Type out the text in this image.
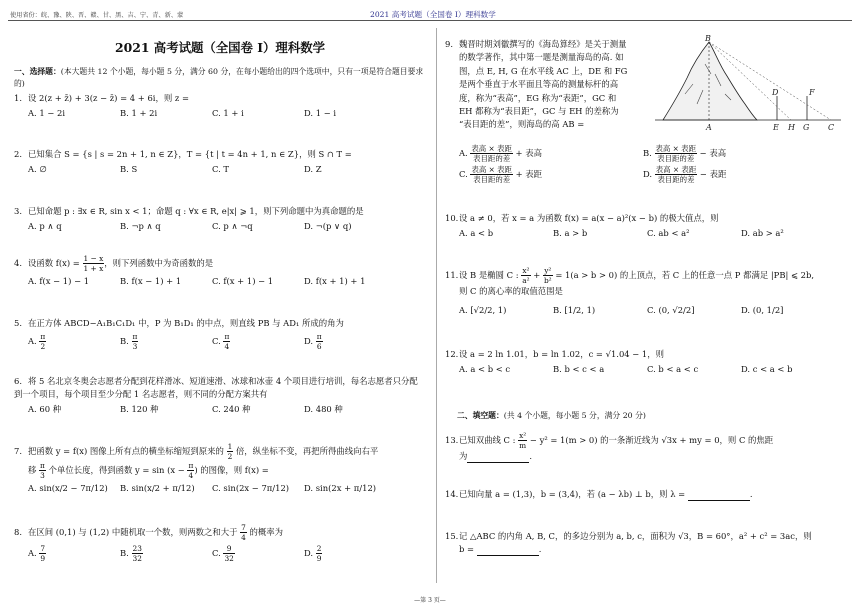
使用省份：皖、豫、陕、晋、赣、甘、黑、吉、宁、青、新、蒙	2021 高考试题（全国卷 I）理科数学
2021 高考试题（全国卷 I）理科数学
一、选择题：(本大题共 12 个小题，每小题 5 分，满分 60 分，在每小题给出的四个选项中，只有一项是符合题目要求的)
1. 设 2(z + z̄) + 3(z − z̄) = 4 + 6i，则 z =
A. 1 − 2i	B. 1 + 2i	C. 1 + i	D. 1 − i
2. 已知集合 S = {s | s = 2n + 1, n ∈ Z}，T = {t | t = 4n + 1, n ∈ Z}，则 S ∩ T =
A. ∅	B. S	C. T	D. Z
3. 已知命题 p : ∃x ∈ R, sin x < 1；命题 q : ∀x ∈ R, e|x| ⩾ 1，则下列命题中为真命题的是
A. p ∧ q	B. ¬p ∧ q	C. p ∧ ¬q	D. ¬(p ∨ q)
4. 设函数 $f(x) = \frac{1 - x}{1 + x}$ ，则下列函数中为奇函数的是
A. f(x − 1) − 1	B. f(x − 1) + 1	C. f(x + 1) − 1	D. f(x + 1) + 1
5. 在正方体 ABCD−A₁B₁C₁D₁ 中，P 为 B₁D₁ 的中点，则直线 PB 与 AD₁ 所成的角为
A. $\frac{\pi}{2}$	B. $\frac{\pi}{3}$	C. $\frac{\pi}{4}$	D. $\frac{\pi}{6}$
6. 将 5 名北京冬奥会志愿者分配到花样滑冰、短道速滑、冰球和冰壶 4 个项目进行培训，每名志愿者只分配到一个项目，每个项目至少分配 1 名志愿者，则不同的分配方案共有
A. 60 种	B. 120 种	C. 240 种	D. 480 种
7. 把函数 y = f(x) 图像上所有点的横坐标缩短到原来的 $\frac{1}{2}$ 倍，纵坐标不变，再把所得曲线向右平
移 $\frac{\pi}{3}$ 个单位长度，得到函数 $y = \sin (x - \frac{\pi}{4}$ ) 的图像，则 f(x) =
A. sin(x/2 − 7π/12)	B. sin(x/2 + π/12)	C. sin(2x − 7π/12)	D. sin(2x + π/12)
8. 在区间 (0,1) 与 (1,2) 中随机取一个数，则两数之和大于 $\frac{7}{4}$ 的概率为
A. $\frac{7}{9}$	B. $\frac{23}{32}$	C. $\frac{9}{32}$	D. $\frac{2}{9}$
9. 魏晋时期刘徽撰写的《海岛算经》是关于测量
的数学著作，其中第一题是测量海岛的高. 如
图，点 E, H, G 在水平线 AC 上，DE 和 FG
是两个垂直于水平面且等高的测量标杆的高
度，称为“表高”，EG 称为“表距”，GC 和
EH 都称为“表目距”，GC 与 EH 的差称为
“表目距的差”，则海岛的高 AB =
B
D	F
A	E H G C
A. $\frac{\text{表高 × 表距}}{\text{表目距的差}}$ + 表高	B. $\frac{\text{表高 × 表距}}{\text{表目距的差}}$ − 表高
C. $\frac{\text{表高 × 表距}}{\text{表目距的差}}$ + 表距	D. $\frac{\text{表高 × 表距}}{\text{表目距的差}}$ − 表距
10.设 a ≠ 0，若 x = a 为函数 f(x) = a(x − a)²(x − b) 的极大值点，则
A. a < b	B. a > b	C. ab < a²	D. ab > a²
11.设 B 是椭圆 C : $\frac{\text{x²}}{\text{a²}} + \frac{\text{y²}}{\text{b²}} = 1(a > b > 0)$ 的上顶点，若 C 上的任意一点 P 都满足 |PB| ⩽ 2b,
则 C 的离心率的取值范围是
A. [√2/2, 1)	B. [1/2, 1)	C. (0, √2/2]	D. (0, 1/2]
12.设 a = 2 ln 1.01，b = ln 1.02，c = √1.04 − 1，则
A. a < b < c	B. b < c < a	C. b < a < c	D. c < a < b
二、填空题：(共 4 个小题，每小题 5 分，满分 20 分)
13.已知双曲线 C : $\frac{\text{x²}}{m} - y^2 = 1(m > 0)$ 的一条渐近线为 √3x + my = 0，则 C 的焦距
为	.
14.已知向量 a = (1,3)，b = (3,4)，若 (a − λb) ⊥ b，则 λ =	.
15.记 △ABC 的内角 A, B, C，的多边分别为 a, b, c，面积为 √3，B = 60°，a² + c² = 3ac，则
b =	.
—第 3 页—
